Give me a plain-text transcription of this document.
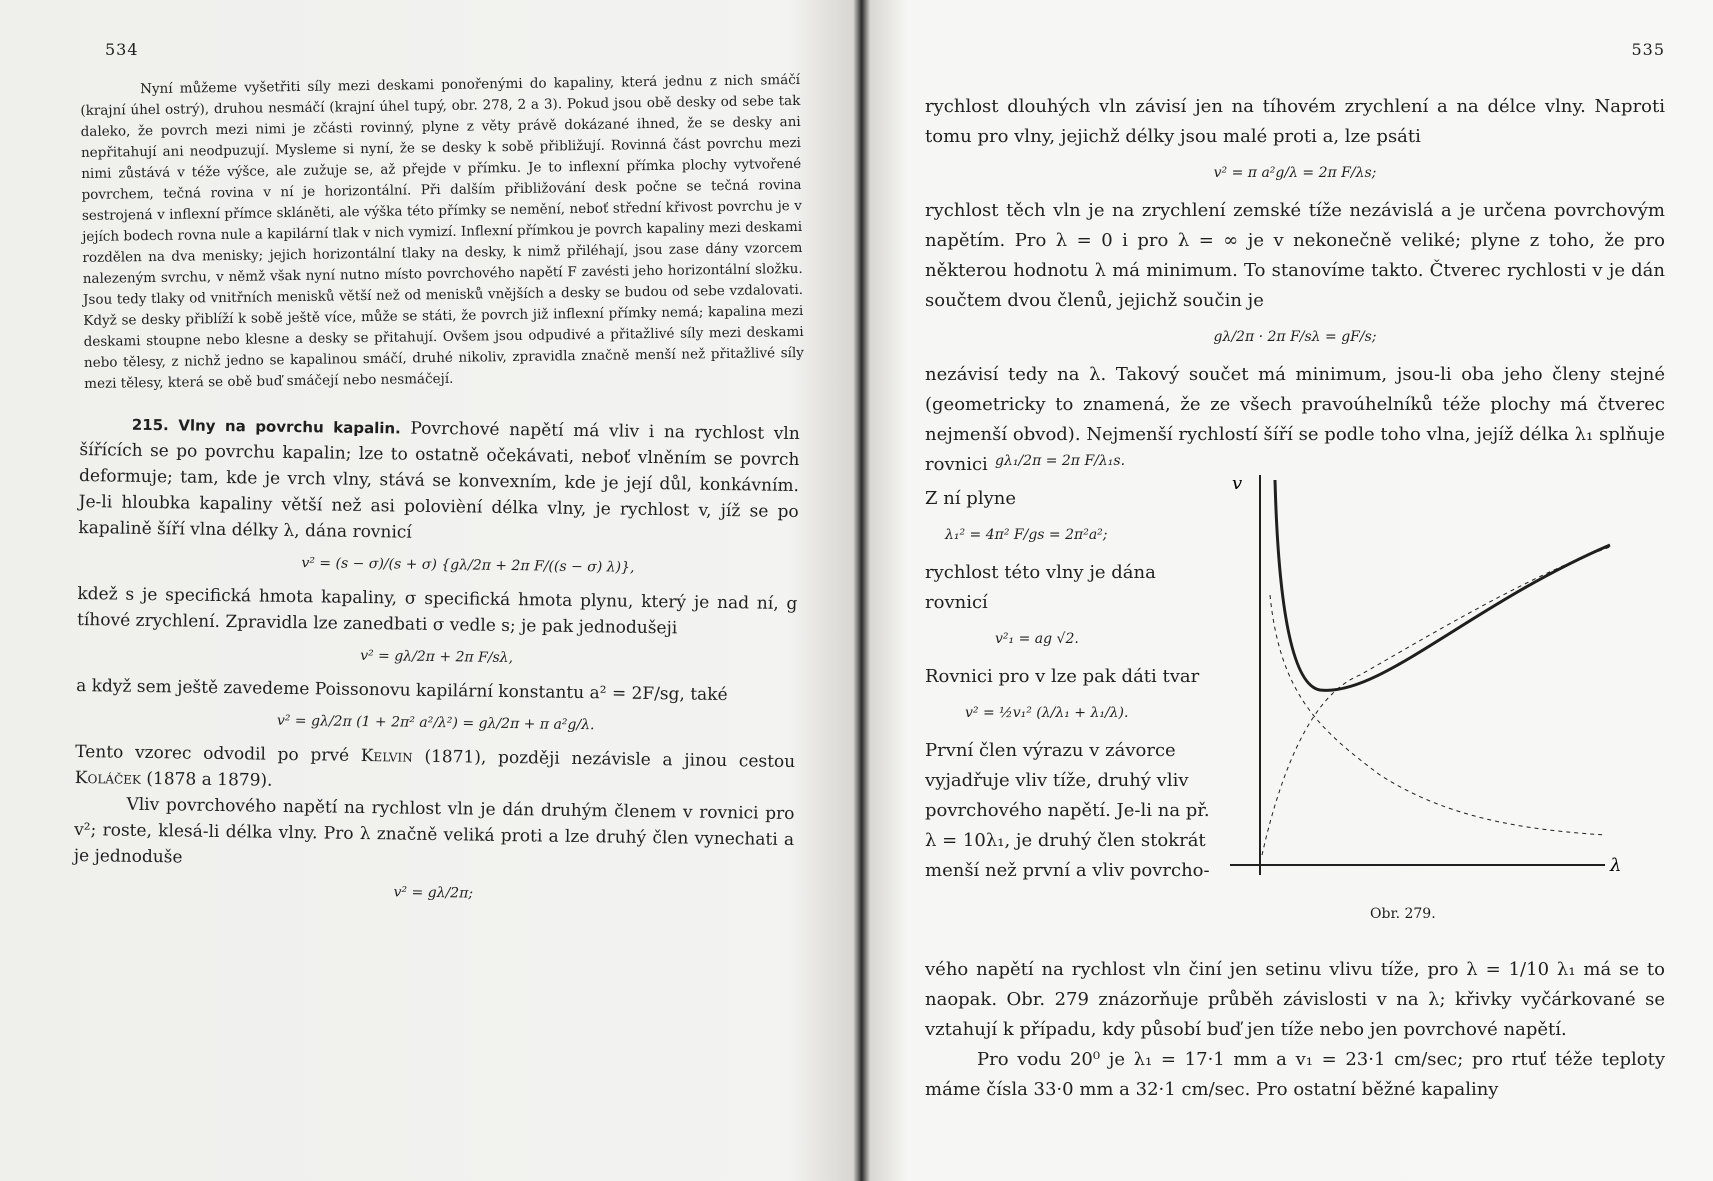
534

Nyní můžeme vyšetřiti síly mezi deskami ponořenými do kapaliny, která jednu z nich smáčí (krajní úhel ostrý), druhou nesmáčí (krajní úhel tupý, obr. 278, 2 a 3). Pokud jsou obě desky od sebe tak daleko, že povrch mezi nimi je zčásti rovinný, plyne z věty právě dokázané ihned, že se desky ani nepřitahují ani neodpuzují. Mysleme si nyní, že se desky k sobě přibližují. Rovinná část povrchu mezi nimi zůstává v téže výšce, ale zužuje se, až přejde v přímku. Je to inflexní přímka plochy vytvořené povrchem, tečná rovina v ní je horizontální. Při dalším přibližování desk počne se tečná rovina sestrojená v inflexní přímce skláněti, ale výška této přímky se nemění, neboť střední křivost povrchu je v jejích bodech rovna nule a kapilární tlak v nich vymizí. Inflexní přímkou je povrch kapaliny mezi deskami rozdělen na dva menisky; jejich horizontální tlaky na desky, k nimž přiléhají, jsou zase dány vzorcem nalezeným svrchu, v němž však nyní nutno místo povrchového napětí F zavésti jeho horizontální složku. Jsou tedy tlaky od vnitřních menisků větší než od menisků vnějších a desky se budou od sebe vzdalovati. Když se desky přiblíží k sobě ještě více, může se státi, že povrch již inflexní přímky nemá; kapalina mezi deskami stoupne nebo klesne a desky se přitahují. Ovšem jsou odpudivé a přitažlivé síly mezi deskami nebo tělesy, z nichž jedno se kapalinou smáčí, druhé nikoliv, zpravidla značně menší než přitažlivé síly mezi tělesy, která se obě buď smáčejí nebo nesmáčejí.

215. Vlny na povrchu kapalin. Povrchové napětí má vliv i na rychlost vln šířících se po povrchu kapalin; lze to ostatně očekávati, neboť vlněním se povrch deformuje; tam, kde je vrch vlny, stává se konvexním, kde je její důl, konkávním. Je-li hloubka kapaliny větší než asi polovièní délka vlny, je rychlost v, jíž se po kapalině šíří vlna délky λ, dána rovnicí

v² = (s − σ)/(s + σ) {gλ/2π + 2π F/((s − σ) λ)},

kdež s je specifická hmota kapaliny, σ specifická hmota plynu, který je nad ní, g tíhové zrychlení. Zpravidla lze zanedbati σ vedle s; je pak jednodušeji

v² = gλ/2π + 2π F/sλ,

a když sem ještě zavedeme Poissonovu kapilární konstantu a² = 2F/sg, také

v² = gλ/2π (1 + 2π² a²/λ²) = gλ/2π + π a²g/λ.

Tento vzorec odvodil po prvé Kelvin (1871), později nezávisle a jinou cestou Koláček (1878 a 1879).

Vliv povrchového napětí na rychlost vln je dán druhým členem v rovnici pro v²; roste, klesá-li délka vlny. Pro λ značně veliká proti a lze druhý člen vynechati a je jednoduše

v² = gλ/2π;
535

rychlost dlouhých vln závisí jen na tíhovém zrychlení a na délce vlny. Naproti tomu pro vlny, jejichž délky jsou malé proti a, lze psáti

v² = π a²g/λ = 2π F/λs;

rychlost těch vln je na zrychlení zemské tíže nezávislá a je určena povrchovým napětím. Pro λ = 0 i pro λ = ∞ je v nekonečně veliké; plyne z toho, že pro některou hodnotu λ má minimum. To stanovíme takto. Čtverec rychlosti v je dán součtem dvou členů, jejichž součin je

gλ/2π · 2π F/sλ = gF/s;

nezávisí tedy na λ. Takový součet má minimum, jsou-li oba jeho členy stejné (geometricky to znamená, že ze všech pravoúhelníků téže plochy má čtverec nejmenší obvod). Nejmenší rychlostí šíří se podle toho vlna, jejíž délka λ₁ splňuje rovnici gλ₁/2π = 2π F/λ₁s.

Z ní plyne

λ₁² = 4π² F/gs = 2π²a²;

rychlost této vlny je dána rovnicí

v²₁ = ag √2.

Rovnici pro v lze pak dáti tvar

v² = ½v₁² (λ/λ₁ + λ₁/λ).

První člen výrazu v závorce vyjadřuje vliv tíže, druhý vliv povrchového napětí. Je-li na př. λ = 10λ₁, je druhý člen stokrát menší než první a vliv povrcho-

v
λ
Obr. 279.

vého napětí na rychlost vln činí jen setinu vlivu tíže, pro λ = 1/10 λ₁ má se to naopak. Obr. 279 znázorňuje průběh závislosti v na λ; křivky vyčárkované se vztahují k případu, kdy působí buď jen tíže nebo jen povrchové napětí.

Pro vodu 20⁰ je λ₁ = 17·1 mm a v₁ = 23·1 cm/sec; pro rtuť téže teploty máme čísla 33·0 mm a 32·1 cm/sec. Pro ostatní běžné kapaliny
